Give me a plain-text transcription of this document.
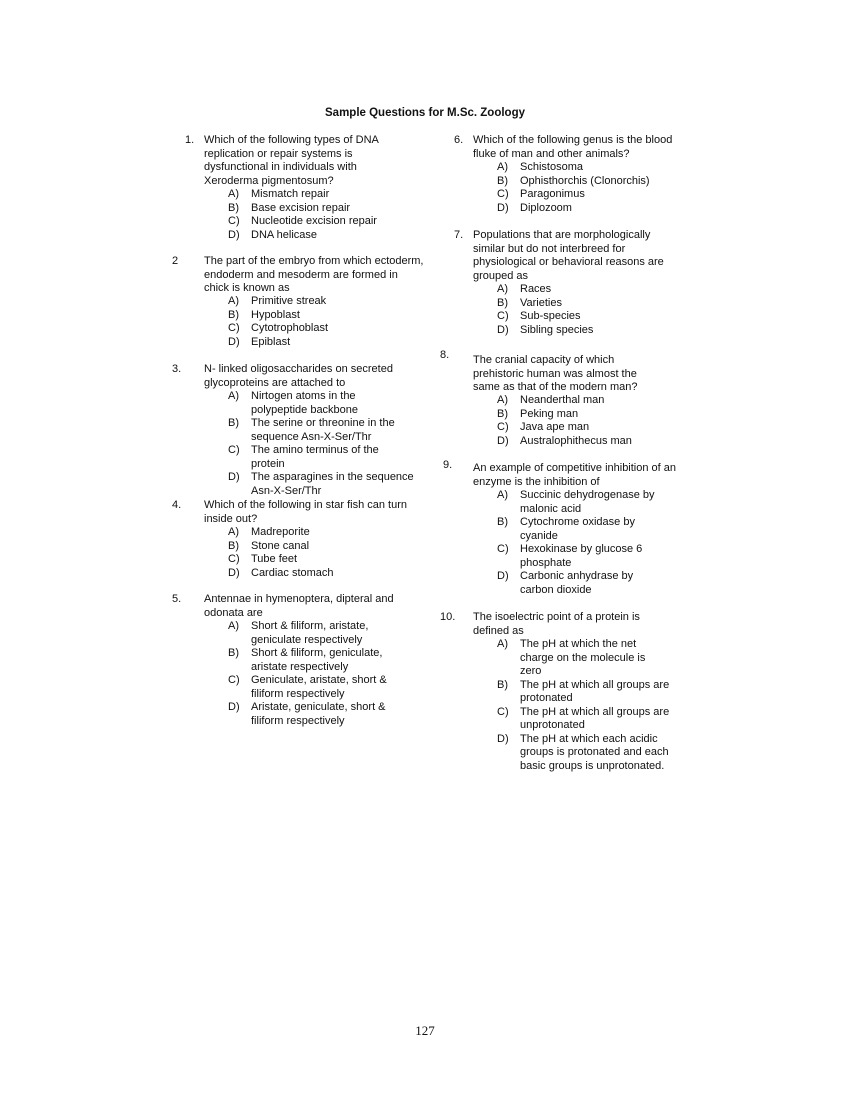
Sample Questions for M.Sc. Zoology
1. Which of the following types of DNA replication or repair systems is dysfunctional in individuals with Xeroderma pigmentosum?
A) Mismatch repair
B) Base excision repair
C) Nucleotide excision repair
D) DNA helicase
2 The part of the embryo from which ectoderm, endoderm and mesoderm are formed in chick is known as
A) Primitive streak
B) Hypoblast
C) Cytotrophoblast
D) Epiblast
3. N- linked oligosaccharides on secreted glycoproteins are attached to
A) Nirtogen atoms in the polypeptide backbone
B) The serine or threonine in the sequence Asn-X-Ser/Thr
C) The amino terminus of the protein
D) The asparagines in the sequence Asn-X-Ser/Thr
4. Which of the following in star fish can turn inside out?
A) Madreporite
B) Stone canal
C) Tube feet
D) Cardiac stomach
5. Antennae in hymenoptera, dipteral and odonata are
A) Short & filiform, aristate, geniculate respectively
B) Short & filiform, geniculate, aristate respectively
C) Geniculate, aristate, short & filiform respectively
D) Aristate, geniculate, short & filiform respectively
6. Which of the following genus is the blood fluke of man and other animals?
A) Schistosoma
B) Ophisthorchis (Clonorchis)
C) Paragonimus
D) Diplozoom
7. Populations that are morphologically similar but do not interbreed for physiological or behavioral reasons are grouped as
A) Races
B) Varieties
C) Sub-species
D) Sibling species
8. The cranial capacity of which prehistoric human was almost the same as that of the modern man?
A) Neanderthal man
B) Peking man
C) Java ape man
D) Australophithecus man
9. An example of competitive inhibition of an enzyme is the inhibition of
A) Succinic dehydrogenase by malonic acid
B) Cytochrome oxidase by cyanide
C) Hexokinase by glucose 6 phosphate
D) Carbonic anhydrase by carbon dioxide
10. The isoelectric point of a protein is defined as
A) The pH at which the net charge on the molecule is zero
B) The pH at which all groups are protonated
C) The pH at which all groups are unprotonated
D) The pH at which each acidic groups is protonated and each basic groups is unprotonated.
127
